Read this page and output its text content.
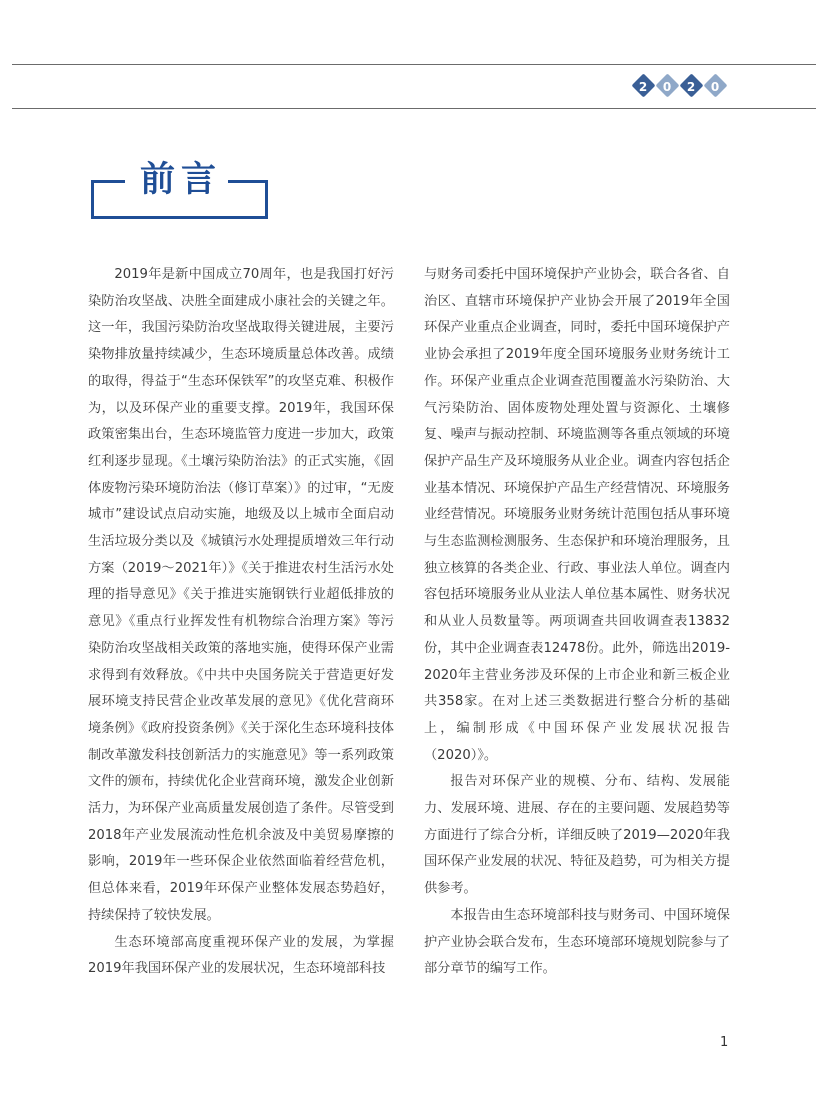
2	0	2	0
前言

2019年是新中国成立70周年，也是我国打好污染防治攻坚战、决胜全面建成小康社会的关键之年。这一年，我国污染防治攻坚战取得关键进展，主要污染物排放量持续减少，生态环境质量总体改善。成绩的取得，得益于“生态环保铁军”的攻坚克难、积极作为，以及环保产业的重要支撑。2019年，我国环保政策密集出台，生态环境监管力度进一步加大，政策红利逐步显现。《土壤污染防治法》的正式实施，《固体废物污染环境防治法（修订草案）》的过审，“无废城市”建设试点启动实施，地级及以上城市全面启动生活垃圾分类以及《城镇污水处理提质增效三年行动方案（2019～2021年）》《关于推进农村生活污水处理的指导意见》《关于推进实施钢铁行业超低排放的意见》《重点行业挥发性有机物综合治理方案》等污染防治攻坚战相关政策的落地实施，使得环保产业需求得到有效释放。《中共中央国务院关于营造更好发展环境支持民营企业改革发展的意见》《优化营商环境条例》《政府投资条例》《关于深化生态环境科技体制改革激发科技创新活力的实施意见》等一系列政策文件的颁布，持续优化企业营商环境，激发企业创新活力，为环保产业高质量发展创造了条件。尽管受到2018年产业发展流动性危机余波及中美贸易摩擦的影响，2019年一些环保企业依然面临着经营危机，但总体来看，2019年环保产业整体发展态势趋好，持续保持了较快发展。

生态环境部高度重视环保产业的发展，为掌握2019年我国环保产业的发展状况，生态环境部科技

与财务司委托中国环境保护产业协会，联合各省、自治区、直辖市环境保护产业协会开展了2019年全国环保产业重点企业调查，同时，委托中国环境保护产业协会承担了2019年度全国环境服务业财务统计工作。环保产业重点企业调查范围覆盖水污染防治、大气污染防治、固体废物处理处置与资源化、土壤修复、噪声与振动控制、环境监测等各重点领域的环境保护产品生产及环境服务从业企业。调查内容包括企业基本情况、环境保护产品生产经营情况、环境服务业经营情况。环境服务业财务统计范围包括从事环境与生态监测检测服务、生态保护和环境治理服务，且独立核算的各类企业、行政、事业法人单位。调查内容包括环境服务业从业法人单位基本属性、财务状况和从业人员数量等。两项调查共回收调查表13832份，其中企业调查表12478份。此外，筛选出2019-2020年主营业务涉及环保的上市企业和新三板企业共358家。在对上述三类数据进行整合分析的基础上，编制形成《中国环保产业发展状况报告（2020）》。

报告对环保产业的规模、分布、结构、发展能力、发展环境、进展、存在的主要问题、发展趋势等方面进行了综合分析，详细反映了2019—2020年我国环保产业发展的状况、特征及趋势，可为相关方提供参考。

本报告由生态环境部科技与财务司、中国环境保护产业协会联合发布，生态环境部环境规划院参与了部分章节的编写工作。

1
